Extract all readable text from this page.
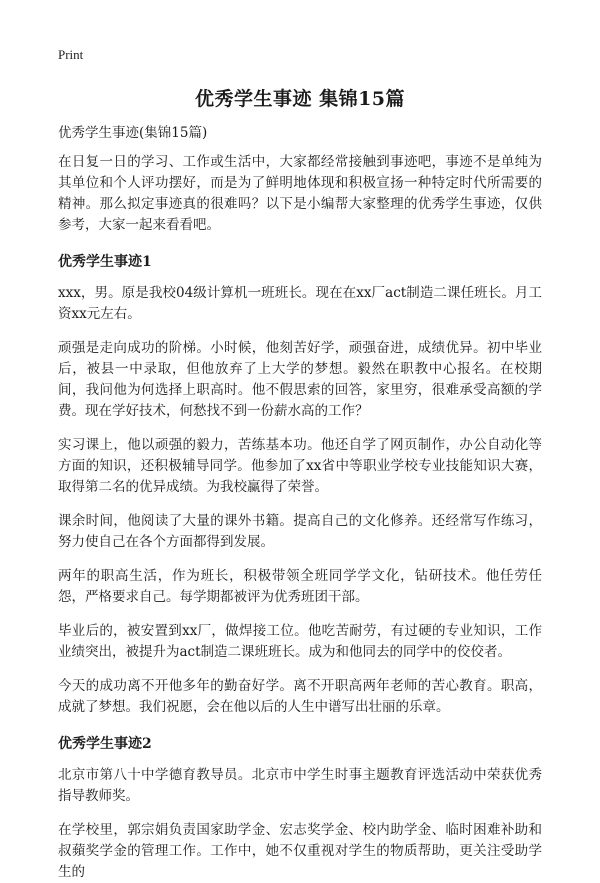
Print
优秀学生事迹 集锦15篇

优秀学生事迹(集锦15篇)

在日复一日的学习、工作或生活中，大家都经常接触到事迹吧，事迹不是单纯为其单位和个人评功摆好，而是为了鲜明地体现和积极宣扬一种特定时代所需要的精神。那么拟定事迹真的很难吗？以下是小编帮大家整理的优秀学生事迹，仅供参考，大家一起来看看吧。

优秀学生事迹1

xxx，男。原是我校04级计算机一班班长。现在在xx厂act制造二课任班长。月工资xx元左右。

顽强是走向成功的阶梯。小时候，他刻苦好学，顽强奋进，成绩优异。初中毕业后，被县一中录取，但他放弃了上大学的梦想。毅然在职教中心报名。在校期间，我问他为何选择上职高时。他不假思索的回答，家里穷，很难承受高额的学费。现在学好技术，何愁找不到一份薪水高的工作？

实习课上，他以顽强的毅力，苦练基本功。他还自学了网页制作，办公自动化等方面的知识，还积极辅导同学。他参加了xx省中等职业学校专业技能知识大赛，取得第二名的优异成绩。为我校赢得了荣誉。

课余时间，他阅读了大量的课外书籍。提高自己的文化修养。还经常写作练习，努力使自己在各个方面都得到发展。

两年的职高生活，作为班长，积极带领全班同学学文化，钻研技术。他任劳任怨，严格要求自己。每学期都被评为优秀班团干部。

毕业后的，被安置到xx厂，做焊接工位。他吃苦耐劳，有过硬的专业知识，工作业绩突出，被提升为act制造二课班班长。成为和他同去的同学中的佼佼者。

今天的成功离不开他多年的勤奋好学。离不开职高两年老师的苦心教育。职高，成就了梦想。我们祝愿，会在他以后的人生中谱写出壮丽的乐章。

优秀学生事迹2

北京市第八十中学德育教导员。北京市中学生时事主题教育评选活动中荣获优秀指导教师奖。

在学校里，郭宗娟负责国家助学金、宏志奖学金、校内助学金、临时困难补助和叔蘋奖学金的管理工作。工作中，她不仅重视对学生的物质帮助，更关注受助学生的
